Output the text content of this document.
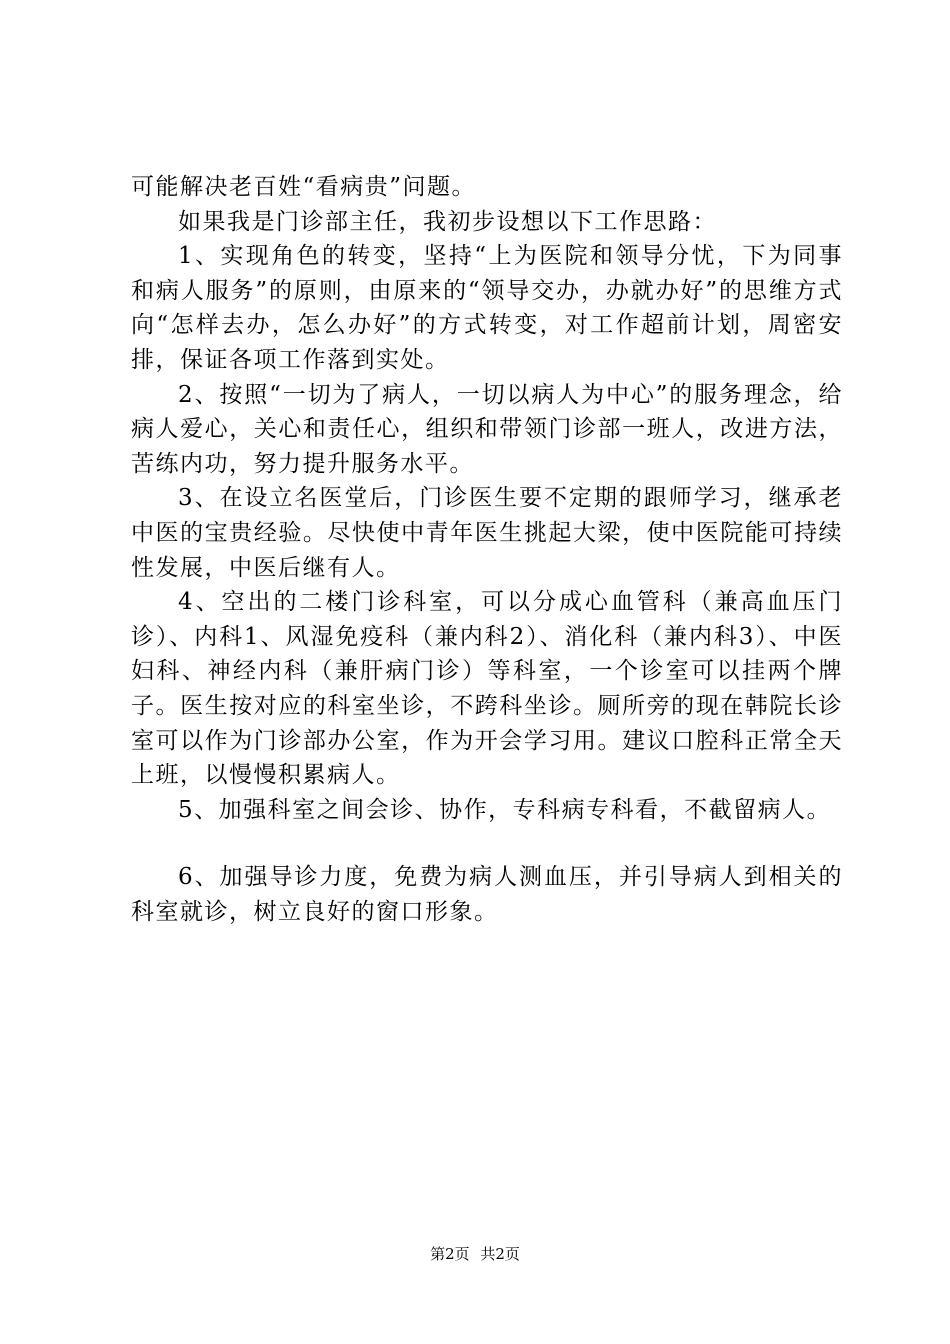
可能解决老百姓“看病贵”问题。

如果我是门诊部主任，我初步设想以下工作思路：

1、实现角色的转变，坚持“上为医院和领导分忧，下为同事和病人服务”的原则，由原来的“领导交办，办就办好”的思维方式向“怎样去办，怎么办好”的方式转变，对工作超前计划，周密安排，保证各项工作落到实处。

2、按照“一切为了病人，一切以病人为中心”的服务理念，给病人爱心，关心和责任心，组织和带领门诊部一班人，改进方法，苦练内功，努力提升服务水平。

3、在设立名医堂后，门诊医生要不定期的跟师学习，继承老中医的宝贵经验。尽快使中青年医生挑起大梁，使中医院能可持续性发展，中医后继有人。

4、空出的二楼门诊科室，可以分成心血管科（兼高血压门诊）、内科1、风湿免疫科（兼内科2）、消化科（兼内科3）、中医妇科、神经内科（兼肝病门诊）等科室，一个诊室可以挂两个牌子。医生按对应的科室坐诊，不跨科坐诊。厕所旁的现在韩院长诊室可以作为门诊部办公室，作为开会学习用。建议口腔科正常全天上班，以慢慢积累病人。

5、加强科室之间会诊、协作，专科病专科看，不截留病人。

6、加强导诊力度，免费为病人测血压，并引导病人到相关的科室就诊，树立良好的窗口形象。

第2页 共2页
